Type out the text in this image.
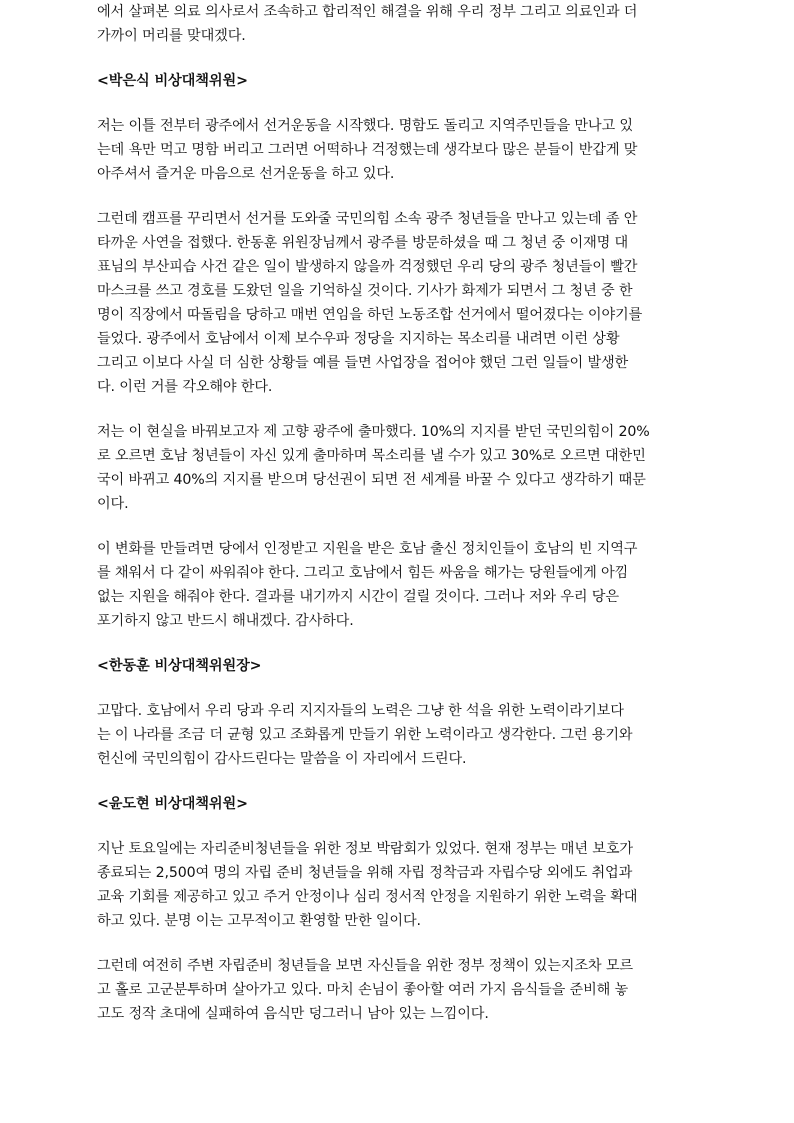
에서 살펴본 의료 의사로서 조속하고 합리적인 해결을 위해 우리 정부 그리고 의료인과 더
가까이 머리를 맞대겠다.
<박은식 비상대책위원>
저는 이틀 전부터 광주에서 선거운동을 시작했다. 명함도 돌리고 지역주민들을 만나고 있
는데 욕만 먹고 명함 버리고 그러면 어떡하나 걱정했는데 생각보다 많은 분들이 반갑게 맞
아주셔서 즐거운 마음으로 선거운동을 하고 있다.
그런데 캠프를 꾸리면서 선거를 도와줄 국민의힘 소속 광주 청년들을 만나고 있는데 좀 안
타까운 사연을 접했다. 한동훈 위원장님께서 광주를 방문하셨을 때 그 청년 중 이재명 대
표님의 부산피습 사건 같은 일이 발생하지 않을까 걱정했던 우리 당의 광주 청년들이 빨간
마스크를 쓰고 경호를 도왔던 일을 기억하실 것이다. 기사가 화제가 되면서 그 청년 중 한
명이 직장에서 따돌림을 당하고 매번 연임을 하던 노동조합 선거에서 떨어졌다는 이야기를
들었다. 광주에서 호남에서 이제 보수우파 정당을 지지하는 목소리를 내려면 이런 상황
그리고 이보다 사실 더 심한 상황들 예를 들면 사업장을 접어야 했던 그런 일들이 발생한
다. 이런 거를 각오해야 한다.
저는 이 현실을 바꿔보고자 제 고향 광주에 출마했다. 10%의 지지를 받던 국민의힘이 20%
로 오르면 호남 청년들이 자신 있게 출마하며 목소리를 낼 수가 있고 30%로 오르면 대한민
국이 바뀌고 40%의 지지를 받으며 당선권이 되면 전 세계를 바꿀 수 있다고 생각하기 때문
이다.
이 변화를 만들려면 당에서 인정받고 지원을 받은 호남 출신 정치인들이 호남의 빈 지역구
를 채워서 다 같이 싸워줘야 한다. 그리고 호남에서 힘든 싸움을 해가는 당원들에게 아낌
없는 지원을 해줘야 한다. 결과를 내기까지 시간이 걸릴 것이다. 그러나 저와 우리 당은
포기하지 않고 반드시 해내겠다. 감사하다.
<한동훈 비상대책위원장>
고맙다. 호남에서 우리 당과 우리 지지자들의 노력은 그냥 한 석을 위한 노력이라기보다
는 이 나라를 조금 더 균형 있고 조화롭게 만들기 위한 노력이라고 생각한다. 그런 용기와
헌신에 국민의힘이 감사드린다는 말씀을 이 자리에서 드린다.
<윤도현 비상대책위원>
지난 토요일에는 자리준비청년들을 위한 정보 박람회가 있었다. 현재 정부는 매년 보호가
종료되는 2,500여 명의 자립 준비 청년들을 위해 자립 정착금과 자립수당 외에도 취업과
교육 기회를 제공하고 있고 주거 안정이나 심리 정서적 안정을 지원하기 위한 노력을 확대
하고 있다. 분명 이는 고무적이고 환영할 만한 일이다.
그런데 여전히 주변 자립준비 청년들을 보면 자신들을 위한 정부 정책이 있는지조차 모르
고 홀로 고군분투하며 살아가고 있다. 마치 손님이 좋아할 여러 가지 음식들을 준비해 놓
고도 정작 초대에 실패하여 음식만 덩그러니 남아 있는 느낌이다.
